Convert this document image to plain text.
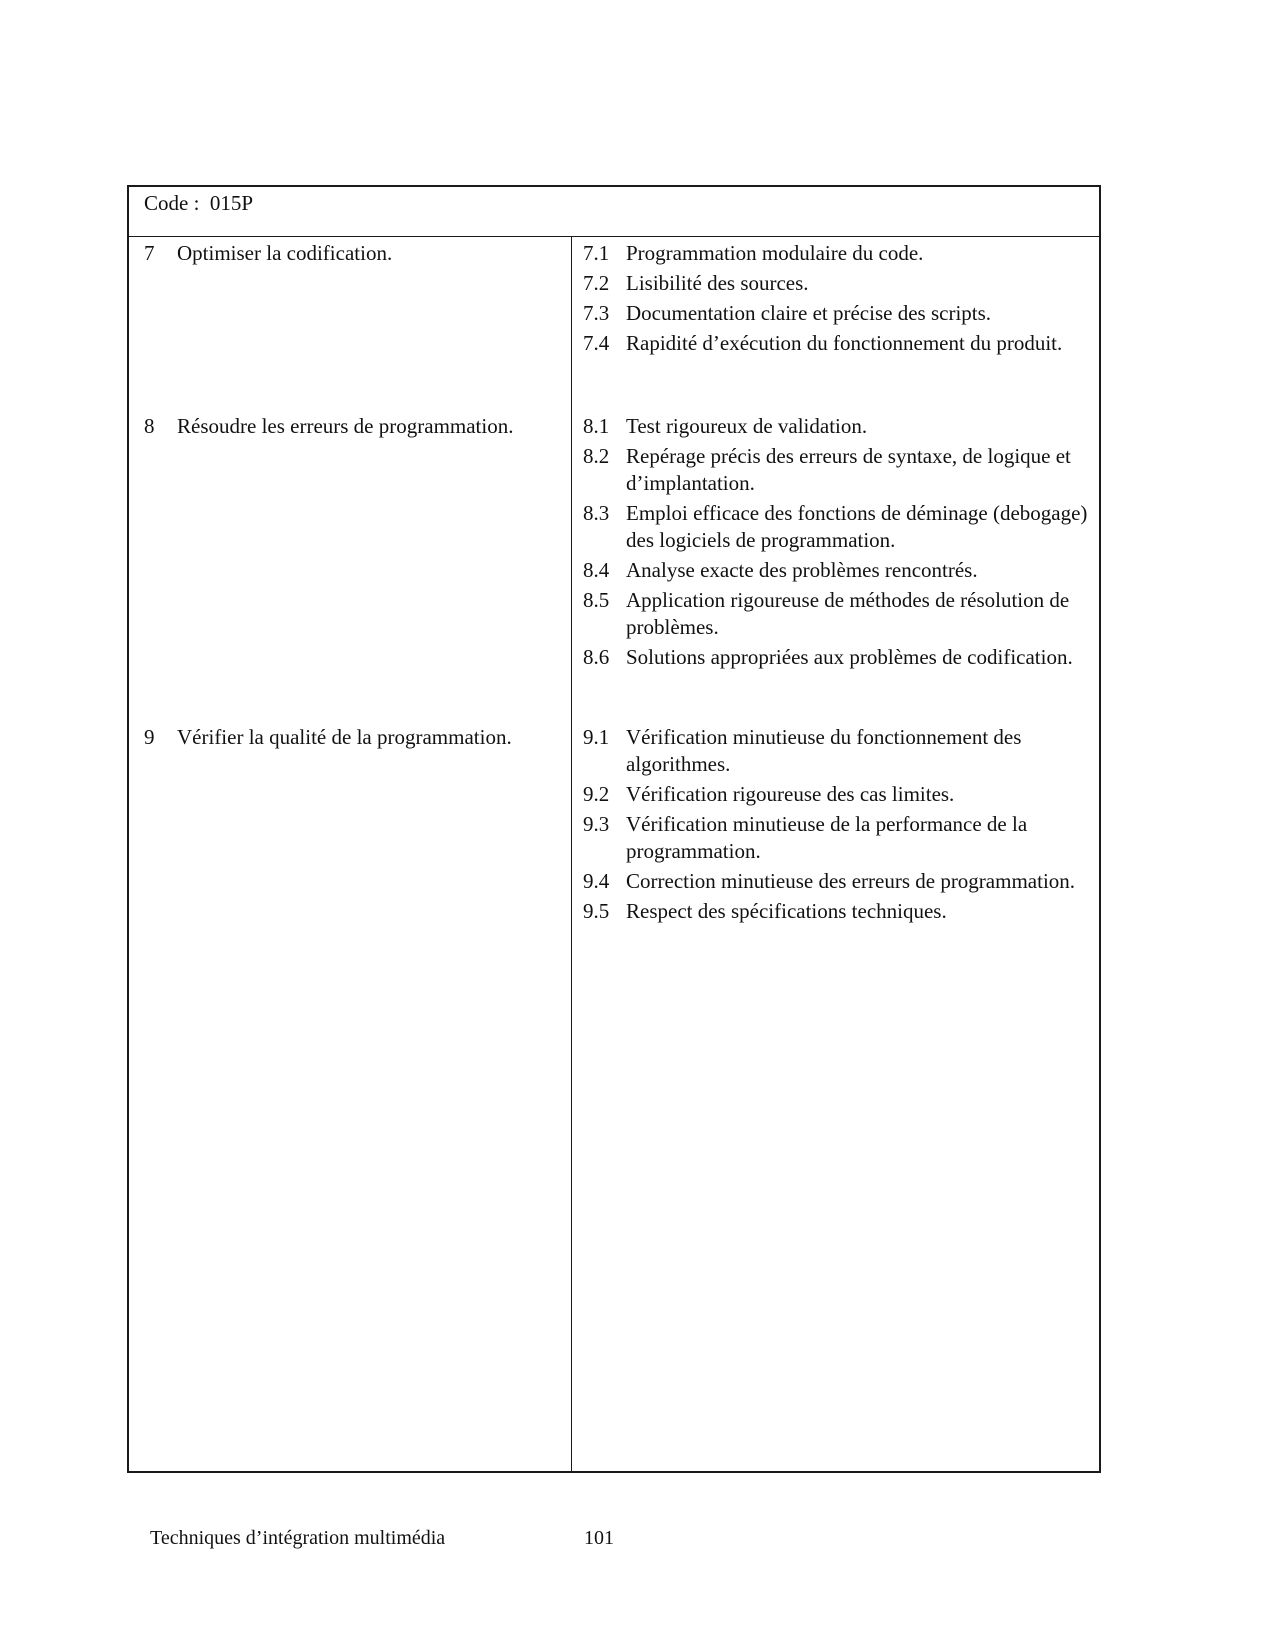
Code :  015P
7	Optimiser la codification.	7.1 Programmation modulaire du code.
7.2 Lisibilité des sources.
7.3 Documentation claire et précise des scripts.
7.4 Rapidité d’exécution du fonctionnement du produit.
8	Résoudre les erreurs de programmation.	8.1 Test rigoureux de validation.
8.2 Repérage précis des erreurs de syntaxe, de logique et d’implantation.
8.3 Emploi efficace des fonctions de déminage (debogage) des logiciels de programmation.
8.4 Analyse exacte des problèmes rencontrés.
8.5 Application rigoureuse de méthodes de résolution de problèmes.
8.6 Solutions appropriées aux problèmes de codification.
9	Vérifier la qualité de la programmation.	9.1 Vérification minutieuse du fonctionnement des algorithmes.
9.2 Vérification rigoureuse des cas limites.
9.3 Vérification minutieuse de la performance de la programmation.
9.4 Correction minutieuse des erreurs de programmation.
9.5 Respect des spécifications techniques.
Techniques d’intégration multimédia	101
